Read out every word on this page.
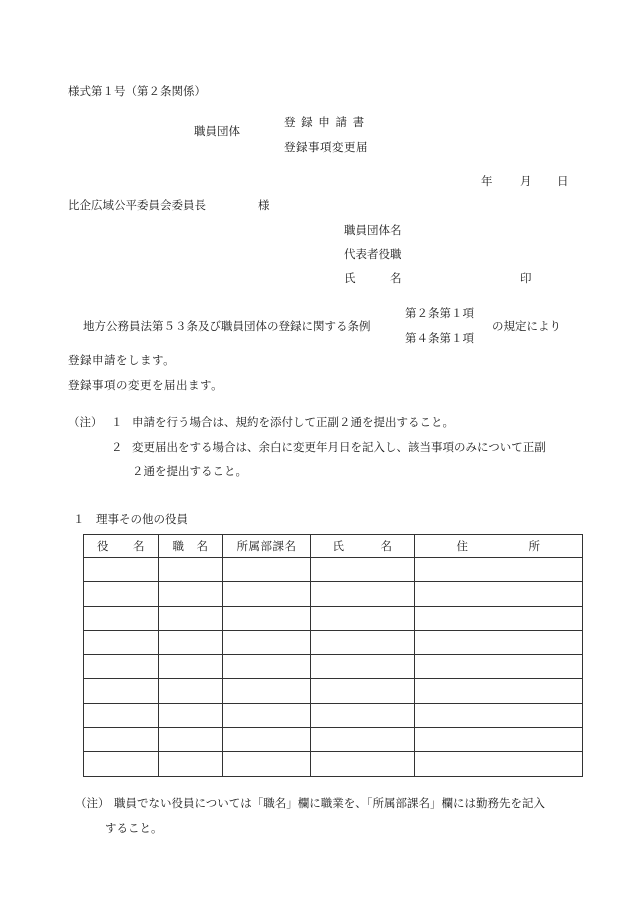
様式第１号（第２条関係）
職員団体
登 録 申 請 書
登録事項変更届
年 月 日
比企広域公平委員会委員長	様
職員団体名
代表者役職
氏　　　名	印
地方公務員法第５３条及び職員団体の登録に関する条例
第２条第１項
第４条第１項
の規定により
登録申請をします。
登録事項の変更を届出ます。
（注） １ 申請を行う場合は、規約を添付して正副２通を提出すること。
２ 変更届出をする場合は、余白に変更年月日を記入し、該当事項のみについて正副
２通を提出すること。
１　理事その他の役員
役　　名	職　名	所属部課名	氏　　　名	住　　　　　所

（注） 職員でない役員については「職名」欄に職業を、「所属部課名」欄には勤務先を記入
すること。
